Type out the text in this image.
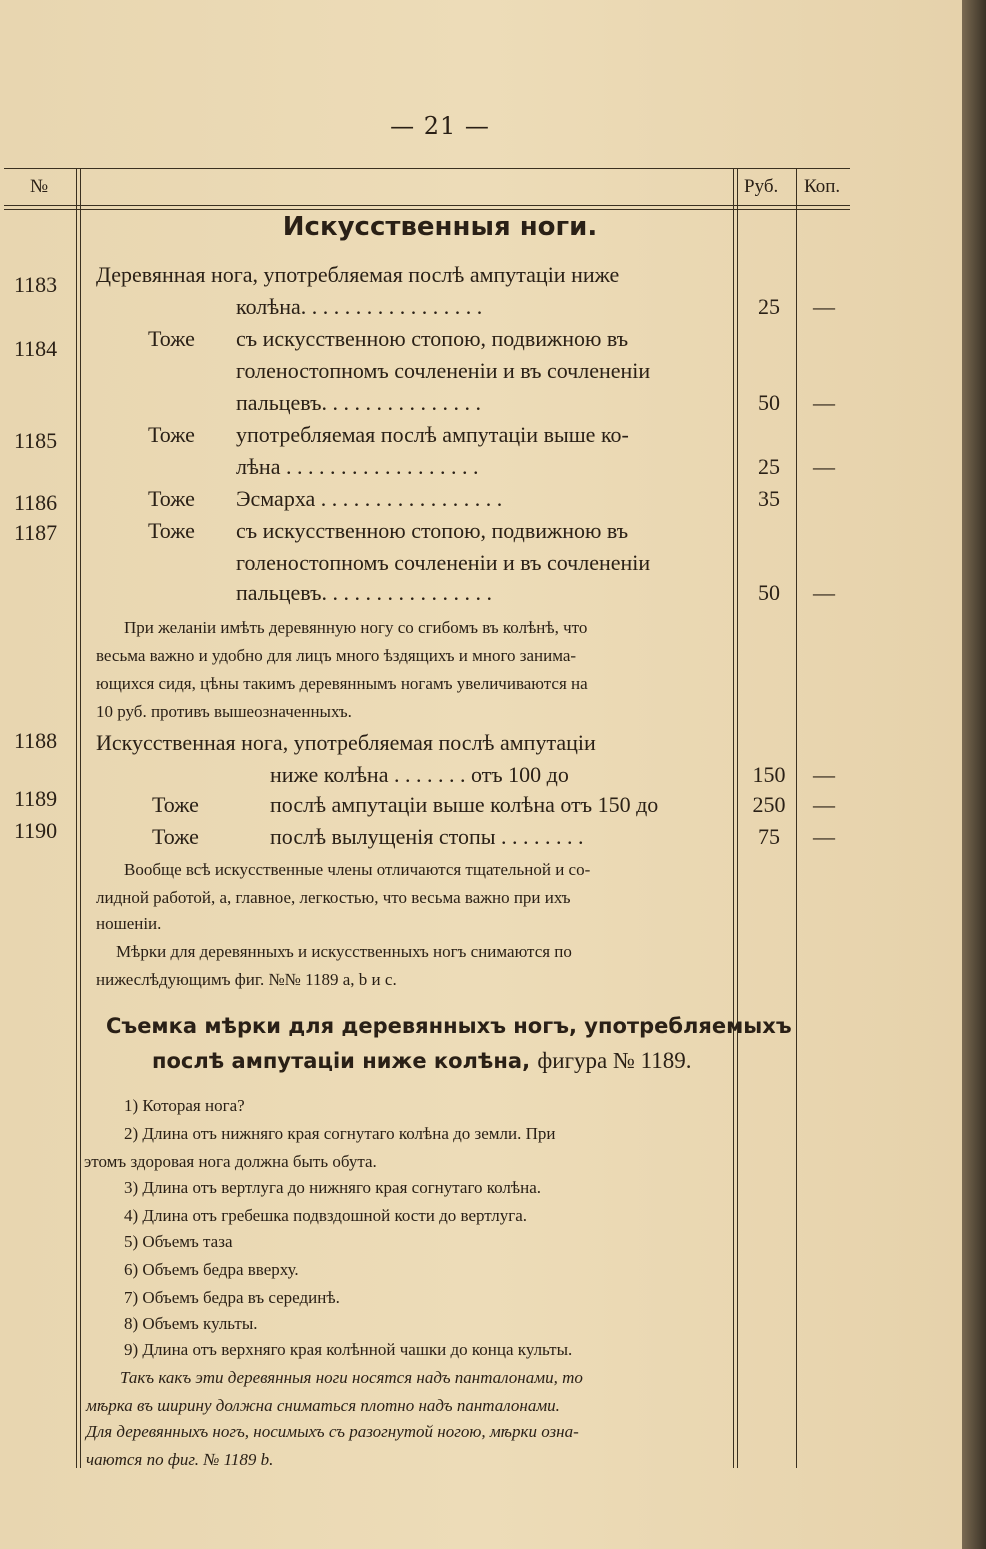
— 21 —
№	Руб. Коп.
Искусственныя ноги.
1183 Деревянная нога, употребляемая послѣ ампутацiи ниже
колѣна. . . . . . . . . . . . . . . . .	25	—
1184	Тоже съ искусственною стопою, подвижною въ
голеностопномъ сочлененiи и въ сочлененiи
пальцевъ. . . . . . . . . . . . . . .	50	—
1185	Тоже употребляемая послѣ ампутацiи выше ко-
лѣна . . . . . . . . . . . . . . . . . .	25	—
1186	Тоже Эсмарха . . . . . . . . . . . . . . . . .	35
1187	Тоже съ искусственною стопою, подвижною въ
голеностопномъ сочлененiи и въ сочлененiи
пальцевъ. . . . . . . . . . . . . . . .	50	—
При желанiи имѣть деревянную ногу со сгибомъ въ колѣнѣ, что
весьма важно и удобно для лицъ много ѣздящихъ и много занима-
ющихся сидя, цѣны такимъ деревяннымъ ногамъ увеличиваются на
10 руб. противъ вышеозначенныхъ.
1188 Искусственная нога, употребляемая послѣ ампутацiи
ниже колѣна . . . . . . . отъ 100 до	150	—
1189	Тоже	послѣ ампутацiи выше колѣна отъ 150 до	250	—
1190	Тоже	послѣ вылущенiя стопы . . . . . . . .	75	—
Вообще всѣ искусственные члены отличаются тщательной и со-
лидной работой, а, главное, легкостью, что весьма важно при ихъ
ношенiи.
Мѣрки для деревянныхъ и искусственныхъ ногъ снимаются по
нижеслѣдующимъ фиг. №№ 1189 a, b и c.
Съемка мѣрки для деревянныхъ ногъ, употребляемыхъ
послѣ ампутацiи ниже колѣна, фигура № 1189.
1) Которая нога?
2) Длина отъ нижняго края согнутаго колѣна до земли. При
этомъ здоровая нога должна быть обута.
3) Длина отъ вертлуга до нижняго края согнутаго колѣна.
4) Длина отъ гребешка подвздошной кости до вертлуга.
5) Объемъ таза
6) Объемъ бедра вверху.
7) Объемъ бедра въ серединѣ.
8) Объемъ культы.
9) Длина отъ верхняго края колѣнной чашки до конца культы.
Такъ какъ эти деревянныя ноги носятся надъ панталонами, то
мѣрка въ ширину должна сниматься плотно надъ панталонами.
Для деревянныхъ ногъ, носимыхъ съ разогнутой ногою, мѣрки озна-
чаются по фиг. № 1189 b.
